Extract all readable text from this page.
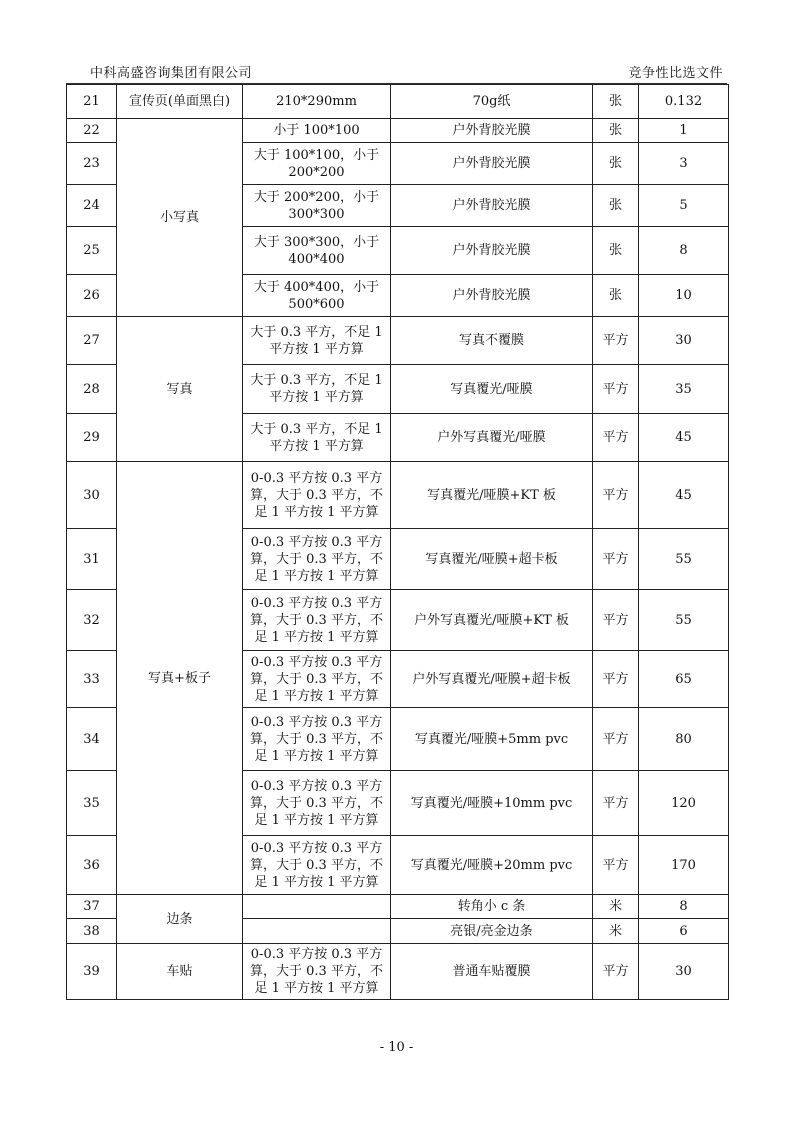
中科高盛咨询集团有限公司	竞争性比选文件
21	宣传页(单面黑白)	210*290mm	70g纸	张	0.132
22	小写真	小于 100*100	户外背胶光膜	张	1
23		大于 100*100，小于 200*200	户外背胶光膜	张	3
24		大于 200*200，小于 300*300	户外背胶光膜	张	5
25		大于 300*300，小于 400*400	户外背胶光膜	张	8
26		大于 400*400，小于 500*600	户外背胶光膜	张	10
27	写真	大于 0.3 平方，不足 1 平方按 1 平方算	写真不覆膜	平方	30
28		大于 0.3 平方，不足 1 平方按 1 平方算	写真覆光/哑膜	平方	35
29		大于 0.3 平方，不足 1 平方按 1 平方算	户外写真覆光/哑膜	平方	45
30	写真+板子	0-0.3 平方按 0.3 平方算，大于 0.3 平方，不足 1 平方按 1 平方算	写真覆光/哑膜+KT 板	平方	45
31		0-0.3 平方按 0.3 平方算，大于 0.3 平方，不足 1 平方按 1 平方算	写真覆光/哑膜+超卡板	平方	55
32		0-0.3 平方按 0.3 平方算，大于 0.3 平方，不足 1 平方按 1 平方算	户外写真覆光/哑膜+KT 板	平方	55
33		0-0.3 平方按 0.3 平方算，大于 0.3 平方，不足 1 平方按 1 平方算	户外写真覆光/哑膜+超卡板	平方	65
34		0-0.3 平方按 0.3 平方算，大于 0.3 平方，不足 1 平方按 1 平方算	写真覆光/哑膜+5mm pvc	平方	80
35		0-0.3 平方按 0.3 平方算，大于 0.3 平方，不足 1 平方按 1 平方算	写真覆光/哑膜+10mm pvc	平方	120
36		0-0.3 平方按 0.3 平方算，大于 0.3 平方，不足 1 平方按 1 平方算	写真覆光/哑膜+20mm pvc	平方	170
37	边条		转角小 c 条	米	8
38			亮银/亮金边条	米	6
39	车贴	0-0.3 平方按 0.3 平方算，大于 0.3 平方，不足 1 平方按 1 平方算	普通车贴覆膜	平方	30
- 10 -
